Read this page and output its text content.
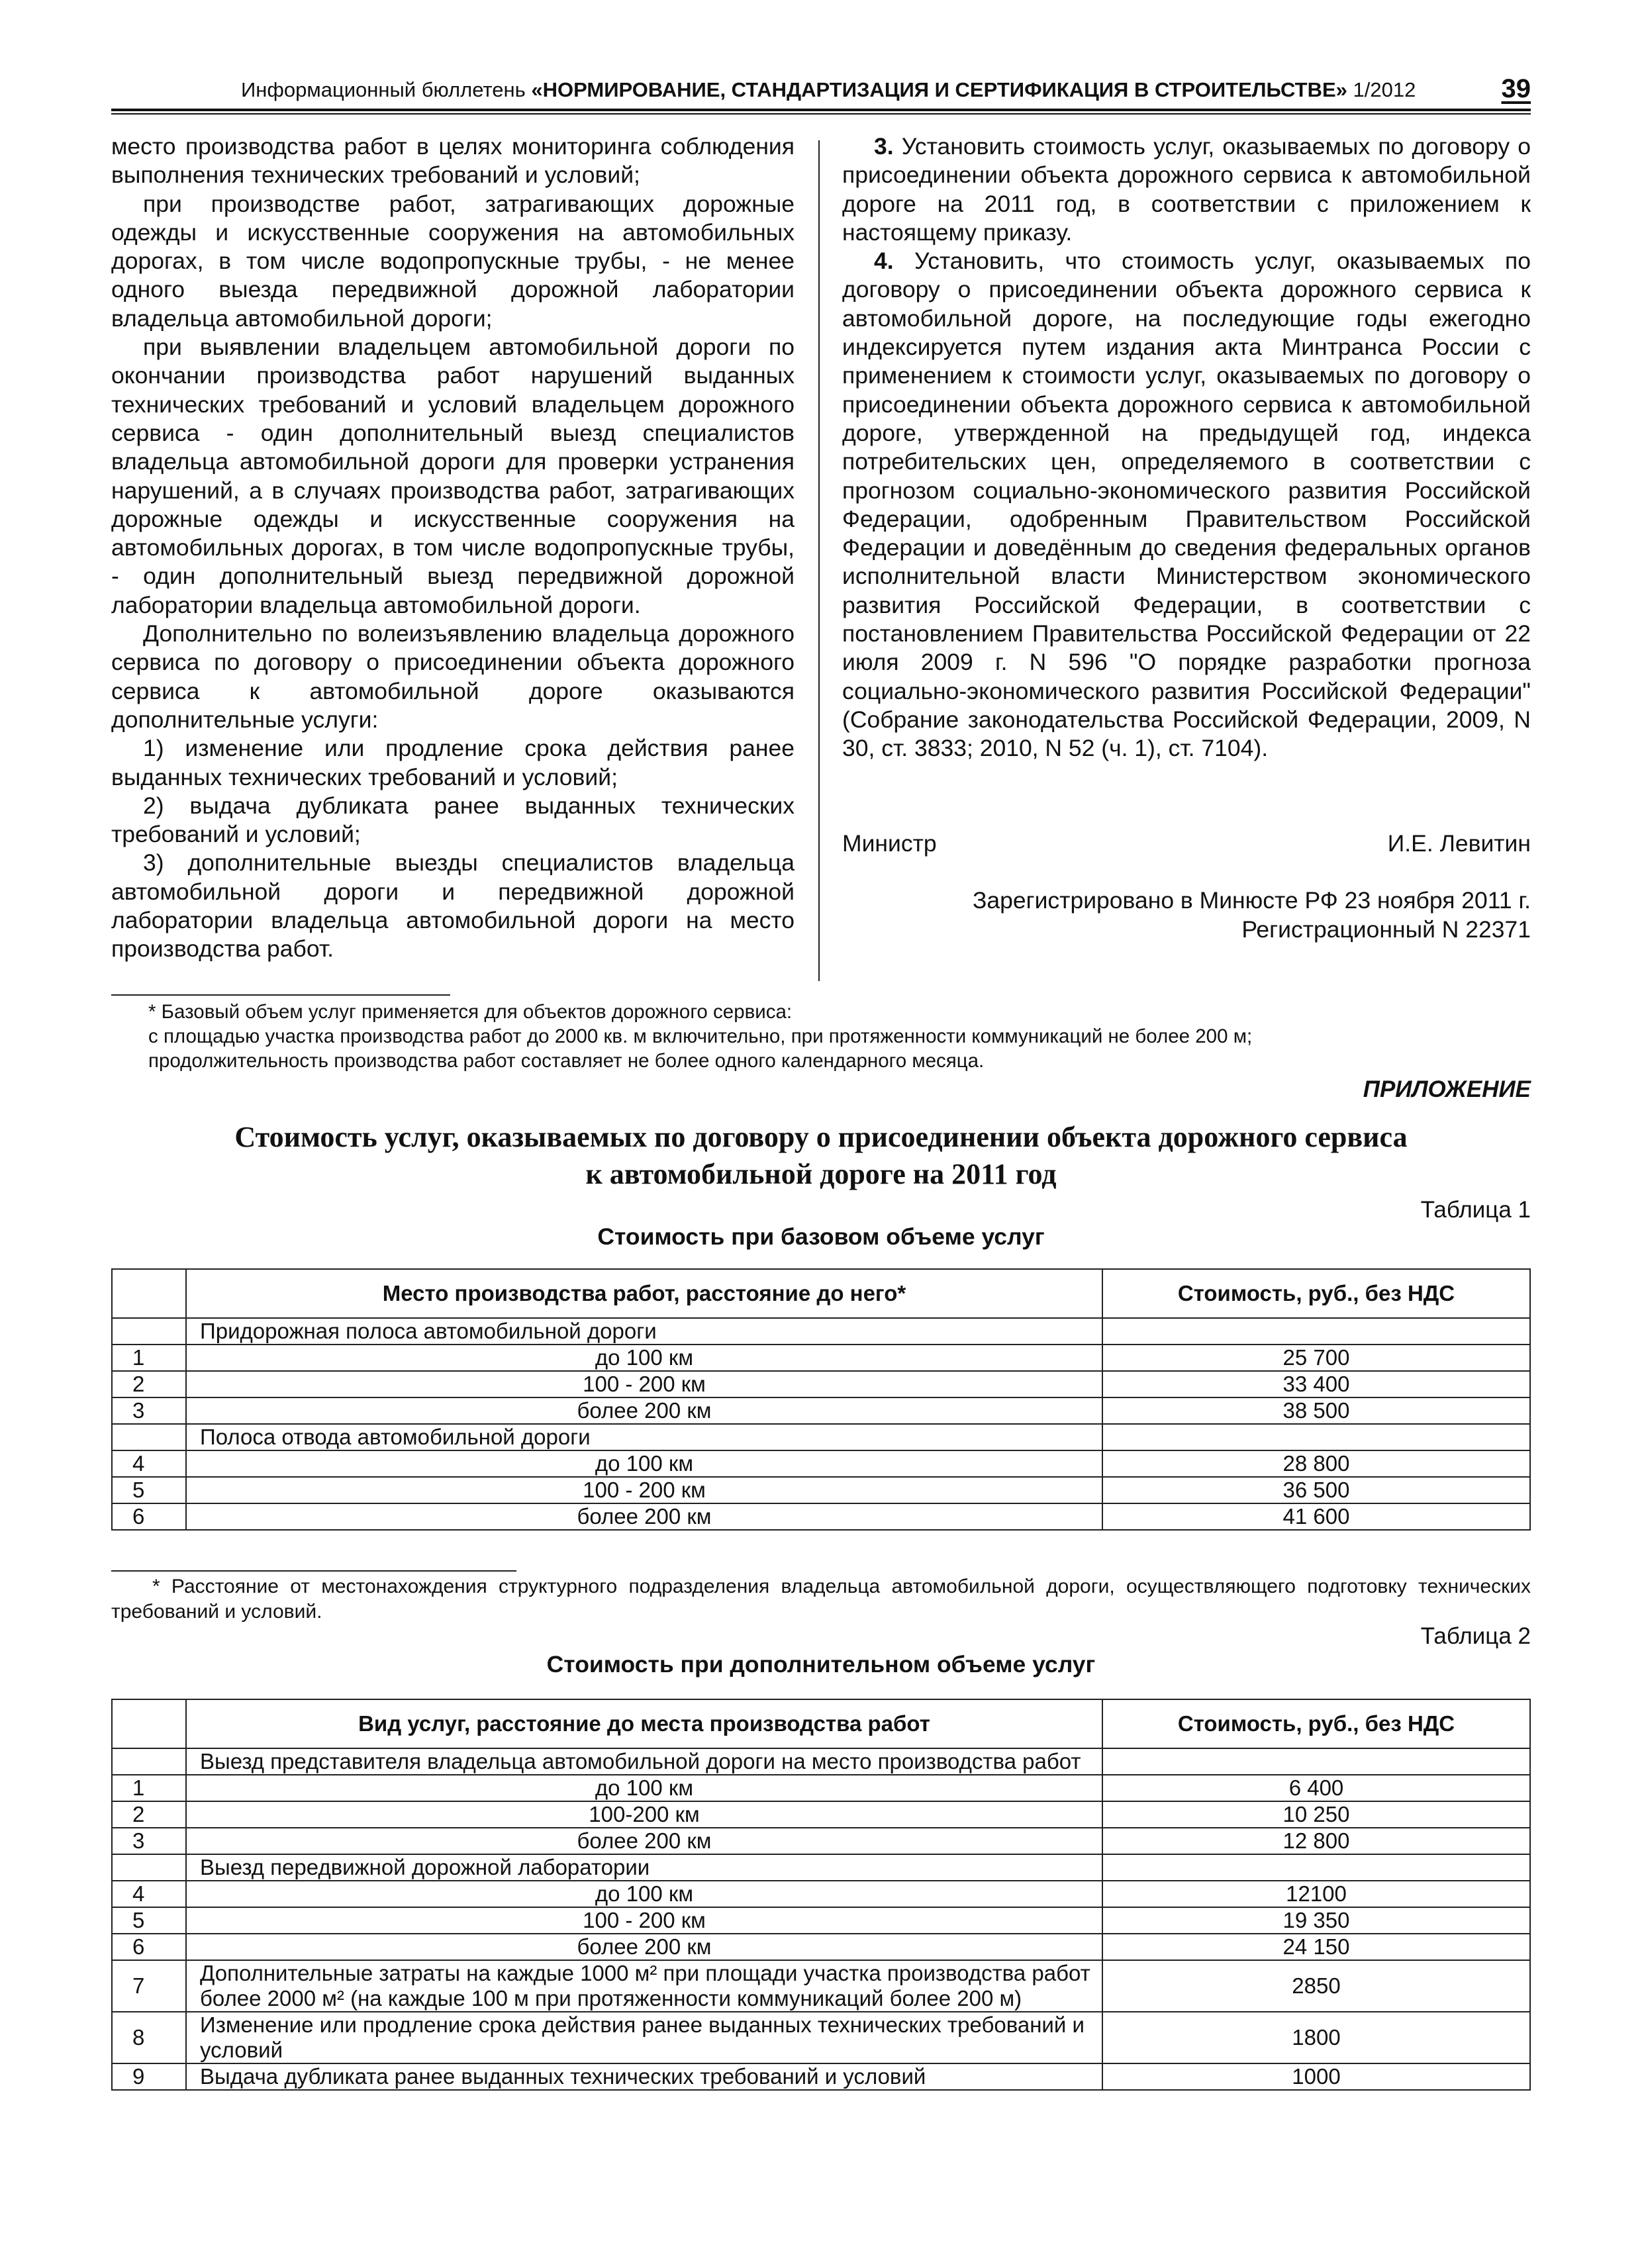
Информационный бюллетень «НОРМИРОВАНИЕ, СТАНДАРТИЗАЦИЯ И СЕРТИФИКАЦИЯ В СТРОИТЕЛЬСТВЕ» 1/2012	39

место производства работ в целях мониторинга соблюдения выполнения технических требований и условий;

при производстве работ, затрагивающих дорожные одежды и искусственные сооружения на автомобильных дорогах, в том числе водопропускные трубы, - не менее одного выезда передвижной дорожной лаборатории владельца автомобильной дороги;

при выявлении владельцем автомобильной дороги по окончании производства работ нарушений выданных технических требований и условий владельцем дорожного сервиса - один дополнительный выезд специалистов владельца автомобильной дороги для проверки устранения нарушений, а в случаях производства работ, затрагивающих дорожные одежды и искусственные сооружения на автомобильных дорогах, в том числе водопропускные трубы, - один дополнительный выезд передвижной дорожной лаборатории владельца автомобильной дороги.

Дополнительно по волеизъявлению владельца дорожного сервиса по договору о присоединении объекта дорожного сервиса к автомобильной дороге оказываются дополнительные услуги:

1) изменение или продление срока действия ранее выданных технических требований и условий;

2) выдача дубликата ранее выданных технических требований и условий;

3) дополнительные выезды специалистов владельца автомобильной дороги и передвижной дорожной лаборатории владельца автомобильной дороги на место производства работ.

3. Установить стоимость услуг, оказываемых по договору о присоединении объекта дорожного сервиса к автомобильной дороге на 2011 год, в соответствии с приложением к настоящему приказу.

4. Установить, что стоимость услуг, оказываемых по договору о присоединении объекта дорожного сервиса к автомобильной дороге, на последующие годы ежегодно индексируется путем издания акта Минтранса России с применением к стоимости услуг, оказываемых по договору о присоединении объекта дорожного сервиса к автомобильной дороге, утвержденной на предыдущей год, индекса потребительских цен, определяемого в соответствии с прогнозом социально-экономического развития Российской Федерации, одобренным Правительством Российской Федерации и доведённым до сведения федеральных органов исполнительной власти Министерством экономического развития Российской Федерации, в соответствии с постановлением Правительства Российской Федерации от 22 июля 2009 г. N 596 "О порядке разработки прогноза социально-экономического развития Российской Федерации" (Собрание законодательства Российской Федерации, 2009, N 30, ст. 3833; 2010, N 52 (ч. 1), ст. 7104).

Министр	И.Е. Левитин
Зарегистрировано в Минюсте РФ 23 ноября 2011 г.
Регистрационный N 22371

* Базовый объем услуг применяется для объектов дорожного сервиса:

с площадью участка производства работ до 2000 кв. м включительно, при протяженности коммуникаций не более 200 м;

продолжительность производства работ составляет не более одного календарного месяца.

ПРИЛОЖЕНИЕ
Стоимость услуг, оказываемых по договору о присоединении объекта дорожного сервиса
к автомобильной дороге на 2011 год
Таблица 1
Стоимость при базовом объеме услуг
	Место производства работ, расстояние до него*	Стоимость, руб., без НДС
	Придорожная полоса автомобильной дороги	
1	до 100 км	25 700
2	100 - 200 км	33 400
3	более 200 км	38 500
	Полоса отвода автомобильной дороги	
4	до 100 км	28 800
5	100 - 200 км	36 500
6	более 200 км	41 600

* Расстояние от местонахождения структурного подразделения владельца автомобильной дороги, осуществляющего подготовку технических требований и условий.

Таблица 2
Стоимость при дополнительном объеме услуг
	Вид услуг, расстояние до места производства работ	Стоимость, руб., без НДС
	Выезд представителя владельца автомобильной дороги на место производства работ	
1	до 100 км	6 400
2	100-200 км	10 250
3	более 200 км	12 800
	Выезд передвижной дорожной лаборатории	
4	до 100 км	12100
5	100 - 200 км	19 350
6	более 200 км	24 150
7	Дополнительные затраты на каждые 1000 м² при площади участка производства работ более 2000 м² (на каждые 100 м при протяженности коммуникаций более 200 м)	2850
8	Изменение или продление срока действия ранее выданных технических требований и условий	1800
9	Выдача дубликата ранее выданных технических требований и условий	1000
